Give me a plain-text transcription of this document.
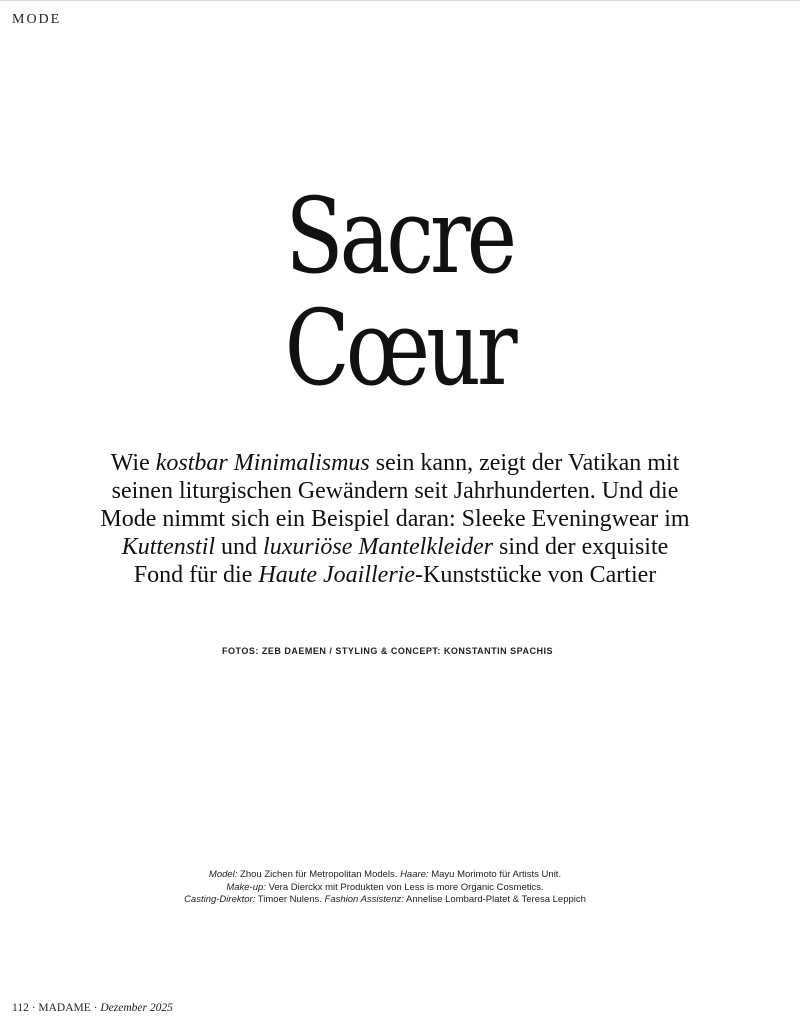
MODE
Sacre
Cœur

Wie kostbar Minimalismus sein kann, zeigt der Vatikan mit seinen liturgischen Gewändern seit Jahrhunderten. Und die Mode nimmt sich ein Beispiel daran: Sleeke Eveningwear im Kuttenstil und luxuriöse Mantelkleider sind der exquisite Fond für die Haute Joaillerie-Kunststücke von Cartier

FOTOS: ZEB DAEMEN / STYLING & CONCEPT: KONSTANTIN SPACHIS
Model: Zhou Zichen für Metropolitan Models. Haare: Mayu Morimoto für Artists Unit.
Make-up: Vera Dierckx mit Produkten von Less is more Organic Cosmetics.
Casting-Direktor: Timoer Nulens. Fashion Assistenz: Annelise Lombard-Platet & Teresa Leppich
112 · MADAME · Dezember 2025
